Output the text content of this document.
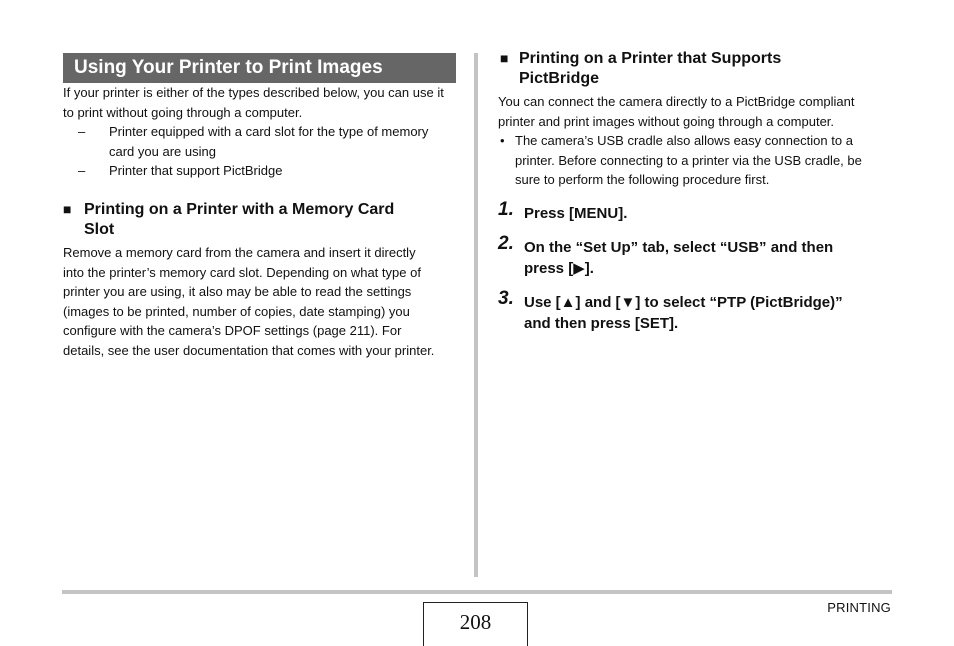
Using Your Printer to Print Images
If your printer is either of the types described below, you can use it to print without going through a computer.
– Printer equipped with a card slot for the type of memory
card you are using
– Printer that support PictBridge
■ Printing on a Printer with a Memory Card
Slot
Remove a memory card from the camera and insert it directly
into the printer’s memory card slot. Depending on what type of
printer you are using, it also may be able to read the settings
(images to be printed, number of copies, date stamping) you
configure with the camera’s DPOF settings (page 211). For
details, see the user documentation that comes with your printer.
■ Printing on a Printer that Supports
PictBridge
You can connect the camera directly to a PictBridge compliant
printer and print images without going through a computer.
• The camera’s USB cradle also allows easy connection to a
printer. Before connecting to a printer via the USB cradle, be
sure to perform the following procedure first.
1. Press [MENU].
2. On the “Set Up” tab, select “USB” and then
press [▶].
3. Use [▲] and [▼] to select “PTP (PictBridge)”
and then press [SET].
208
PRINTING
